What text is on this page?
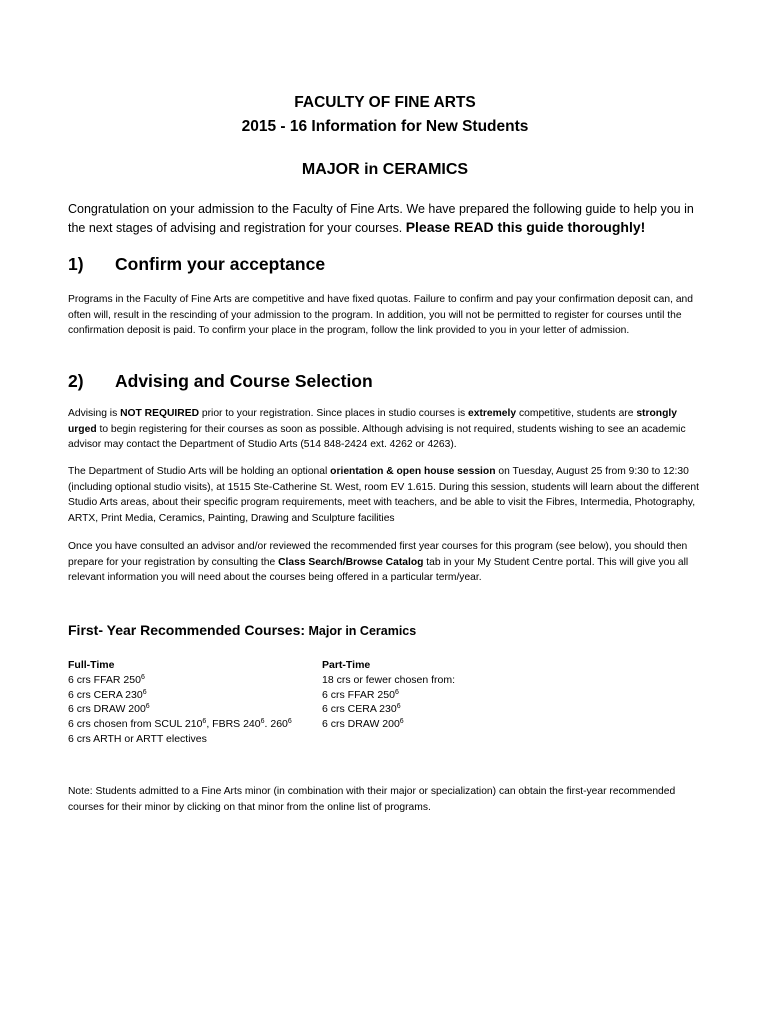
FACULTY OF FINE ARTS
2015 - 16 Information for New Students
MAJOR in CERAMICS
Congratulation on your admission to the Faculty of Fine Arts. We have prepared the following guide to help you in the next stages of advising and registration for your courses. Please READ this guide thoroughly!
1) Confirm your acceptance
Programs in the Faculty of Fine Arts are competitive and have fixed quotas. Failure to confirm and pay your confirmation deposit can, and often will, result in the rescinding of your admission to the program. In addition, you will not be permitted to register for courses until the confirmation deposit is paid. To confirm your place in the program, follow the link provided to you in your letter of admission.
2) Advising and Course Selection
Advising is NOT REQUIRED prior to your registration. Since places in studio courses is extremely competitive, students are strongly urged to begin registering for their courses as soon as possible. Although advising is not required, students wishing to see an academic advisor may contact the Department of Studio Arts (514 848-2424 ext. 4262 or 4263).
The Department of Studio Arts will be holding an optional orientation & open house session on Tuesday, August 25 from 9:30 to 12:30 (including optional studio visits), at 1515 Ste-Catherine St. West, room EV 1.615. During this session, students will learn about the different Studio Arts areas, about their specific program requirements, meet with teachers, and be able to visit the Fibres, Intermedia, Photography, ARTX, Print Media, Ceramics, Painting, Drawing and Sculpture facilities
Once you have consulted an advisor and/or reviewed the recommended first year courses for this program (see below), you should then prepare for your registration by consulting the Class Search/Browse Catalog tab in your My Student Centre portal. This will give you all relevant information you will need about the courses being offered in a particular term/year.
First- Year Recommended Courses: Major in Ceramics
Full-Time
6 crs FFAR $250^6$
6 crs CERA $230^6$
6 crs DRAW $200^6$
6 crs chosen from SCUL $210^6$, FBRS $240^6$. $260^6$
6 crs ARTH or ARTT electives
Part-Time
18 crs or fewer chosen from:
6 crs FFAR $250^6$
6 crs CERA $230^6$
6 crs DRAW $200^6$
Note: Students admitted to a Fine Arts minor (in combination with their major or specialization) can obtain the first-year recommended courses for their minor by clicking on that minor from the online list of programs.
